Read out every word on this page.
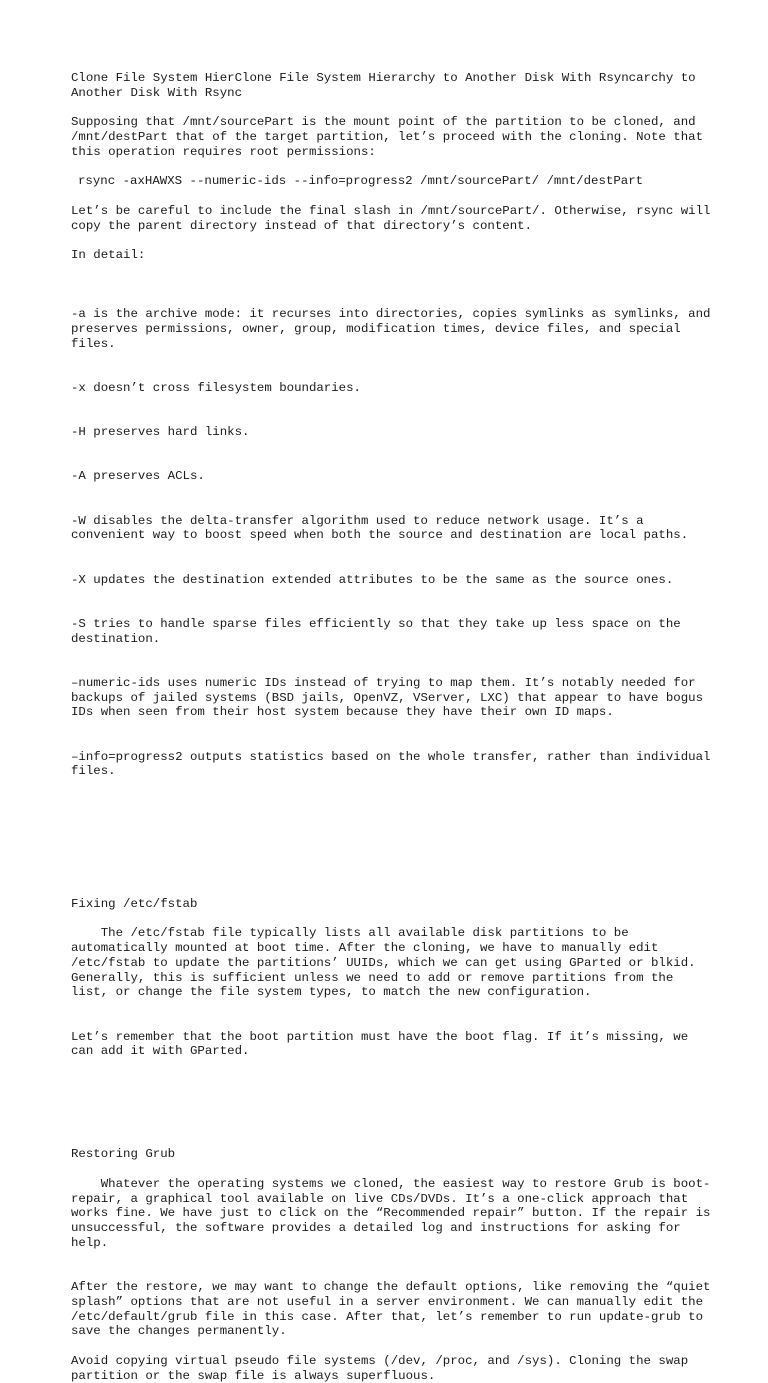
Clone File System HierClone File System Hierarchy to Another Disk With Rsyncarchy to Another Disk With Rsync

Supposing that /mnt/sourcePart is the mount point of the partition to be cloned, and /mnt/destPart that of the target partition, let’s proceed with the cloning. Note that this operation requires root permissions:

rsync -axHAWXS --numeric-ids --info=progress2 /mnt/sourcePart/ /mnt/destPart

Let’s be careful to include the final slash in /mnt/sourcePart/. Otherwise, rsync will copy the parent directory instead of that directory’s content.

In detail:

-a is the archive mode: it recurses into directories, copies symlinks as symlinks, and preserves permissions, owner, group, modification times, device files, and special files.

-x doesn’t cross filesystem boundaries.

-H preserves hard links.

-A preserves ACLs.

-W disables the delta-transfer algorithm used to reduce network usage. It’s a convenient way to boost speed when both the source and destination are local paths.

-X updates the destination extended attributes to be the same as the source ones.

-S tries to handle sparse files efficiently so that they take up less space on the destination.

–numeric-ids uses numeric IDs instead of trying to map them. It’s notably needed for backups of jailed systems (BSD jails, OpenVZ, VServer, LXC) that appear to have bogus IDs when seen from their host system because they have their own ID maps.

–info=progress2 outputs statistics based on the whole transfer, rather than individual files.

Fixing /etc/fstab

The /etc/fstab file typically lists all available disk partitions to be automatically mounted at boot time. After the cloning, we have to manually edit /etc/fstab to update the partitions’ UUIDs, which we can get using GParted or blkid. Generally, this is sufficient unless we need to add or remove partitions from the list, or change the file system types, to match the new configuration.

Let’s remember that the boot partition must have the boot flag. If it’s missing, we can add it with GParted.

Restoring Grub

Whatever the operating systems we cloned, the easiest way to restore Grub is boot-repair, a graphical tool available on live CDs/DVDs. It’s a one-click approach that works fine. We have just to click on the “Recommended repair” button. If the repair is unsuccessful, the software provides a detailed log and instructions for asking for help.

After the restore, we may want to change the default options, like removing the “quiet splash” options that are not useful in a server environment. We can manually edit the /etc/default/grub file in this case. After that, let’s remember to run update-grub to save the changes permanently.

Avoid copying virtual pseudo file systems (/dev, /proc, and /sys). Cloning the swap partition or the swap file is always superfluous.
